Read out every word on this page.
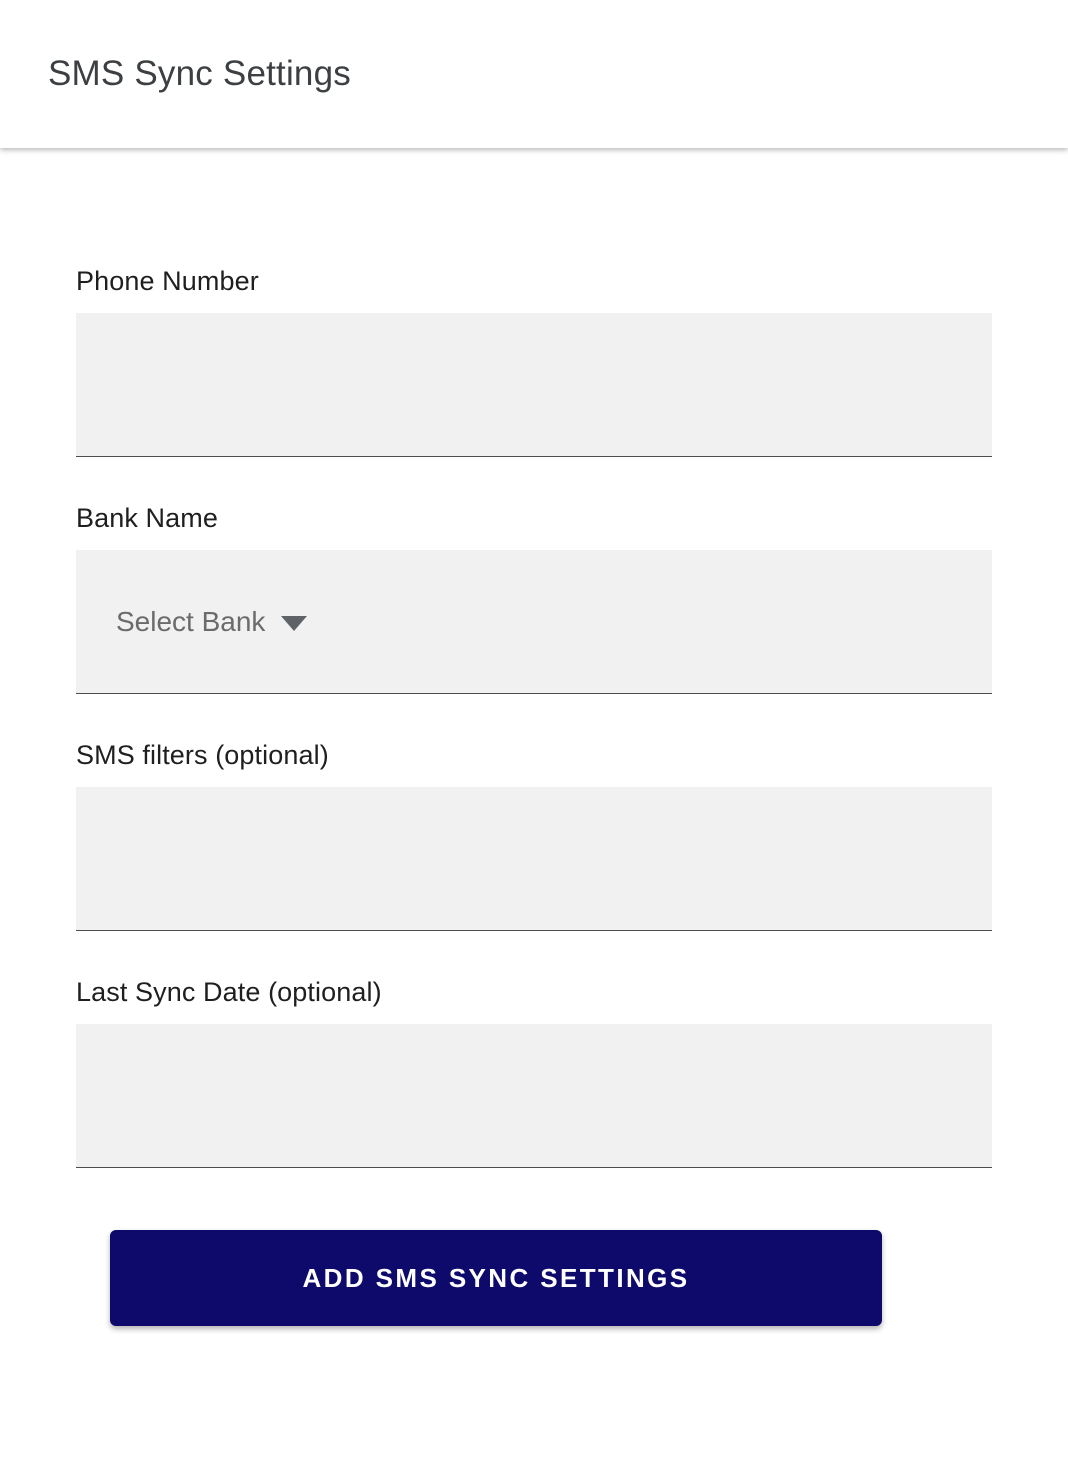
SMS Sync Settings
Phone Number
Bank Name
Select Bank
SMS filters (optional)
Last Sync Date (optional)
ADD SMS SYNC SETTINGS
